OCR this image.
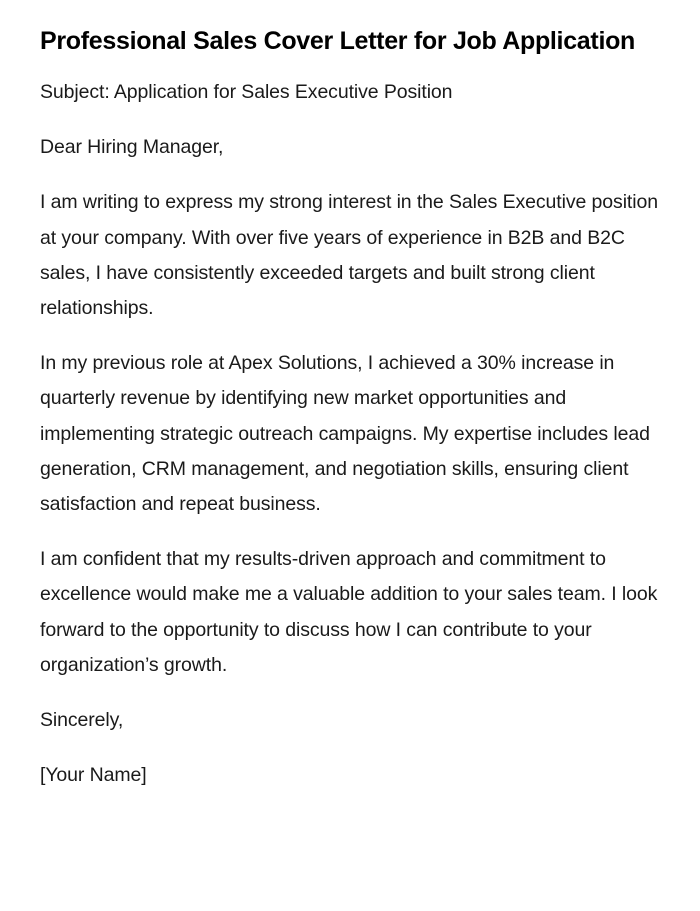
Professional Sales Cover Letter for Job Application

Subject: Application for Sales Executive Position

Dear Hiring Manager,

I am writing to express my strong interest in the Sales Executive position at your company. With over five years of experience in B2B and B2C sales, I have consistently exceeded targets and built strong client relationships.

In my previous role at Apex Solutions, I achieved a 30% increase in quarterly revenue by identifying new market opportunities and implementing strategic outreach campaigns. My expertise includes lead generation, CRM management, and negotiation skills, ensuring client satisfaction and repeat business.

I am confident that my results-driven approach and commitment to excellence would make me a valuable addition to your sales team. I look forward to the opportunity to discuss how I can contribute to your organization’s growth.

Sincerely,

[Your Name]
